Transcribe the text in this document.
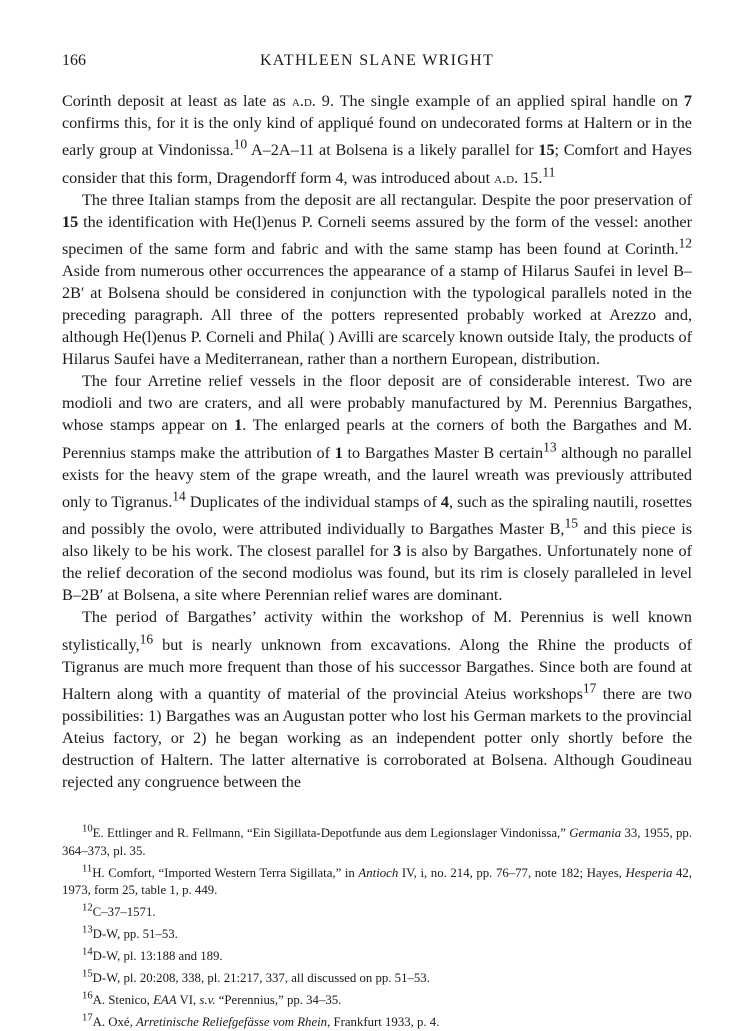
166	KATHLEEN SLANE WRIGHT

Corinth deposit at least as late as a.d. 9. The single example of an applied spiral handle on 7 confirms this, for it is the only kind of appliqué found on undecorated forms at Haltern or in the early group at Vindonissa.$^{10}$ A–2A–11 at Bolsena is a likely parallel for 15; Comfort and Hayes consider that this form, Dragendorff form 4, was introduced about a.d. 15.11

The three Italian stamps from the deposit are all rectangular. Despite the poor preservation of 15 the identification with He(l)enus P. Corneli seems assured by the form of the vessel: another specimen of the same form and fabric and with the same stamp has been found at Corinth.$^{12}$ Aside from numerous other occurrences the appearance of a stamp of Hilarus Saufei in level B–2B′ at Bolsena should be considered in conjunction with the typological parallels noted in the preceding paragraph. All three of the potters represented probably worked at Arezzo and, although He(l)enus P. Corneli and Phila( ) Avilli are scarcely known outside Italy, the products of Hilarus Saufei have a Mediterranean, rather than a northern European, distribution.

The four Arretine relief vessels in the floor deposit are of considerable interest. Two are modioli and two are craters, and all were probably manufactured by M. Perennius Bargathes, whose stamps appear on 1. The enlarged pearls at the corners of both the Bargathes and M. Perennius stamps make the attribution of 1 to Bargathes Master B certain$^{13}$ although no parallel exists for the heavy stem of the grape wreath, and the laurel wreath was previously attributed only to Tigranus.$^{14}$ Duplicates of the individual stamps of 4, such as the spiraling nautili, rosettes and possibly the ovolo, were attributed individually to Bargathes Master B,$^{15}$ and this piece is also likely to be his work. The closest parallel for 3 is also by Bargathes. Unfortunately none of the relief decoration of the second modiolus was found, but its rim is closely paralleled in level B–2B′ at Bolsena, a site where Perennian relief wares are dominant.

The period of Bargathes’ activity within the workshop of M. Perennius is well known stylistically,$^{16}$ but is nearly unknown from excavations. Along the Rhine the products of Tigranus are much more frequent than those of his successor Bargathes. Since both are found at Haltern along with a quantity of material of the provincial Ateius workshops$^{17}$ there are two possibilities: 1) Bargathes was an Augustan potter who lost his German markets to the provincial Ateius factory, or 2) he began working as an independent potter only shortly before the destruction of Haltern. The latter alternative is corroborated at Bolsena. Although Goudineau rejected any congruence between the

$^{10}$E. Ettlinger and R. Fellmann, “Ein Sigillata-Depotfunde aus dem Legionslager Vindonissa,” Germania 33, 1955, pp. 364–373, pl. 35.

$^{11}$H. Comfort, “Imported Western Terra Sigillata,” in Antioch IV, i, no. 214, pp. 76–77, note 182; Hayes, Hesperia 42, 1973, form 25, table 1, p. 449.

$^{12}$C–37–1571.

$^{13}$D-W, pp. 51–53.

$^{14}$D-W, pl. 13:188 and 189.

$^{15}$D-W, pl. 20:208, 338, pl. 21:217, 337, all discussed on pp. 51–53.

$^{16}$A. Stenico, EAA VI, s.v. “Perennius,” pp. 34–35.

$^{17}$A. Oxé, Arretinische Reliefgefässe vom Rhein, Frankfurt 1933, p. 4.
